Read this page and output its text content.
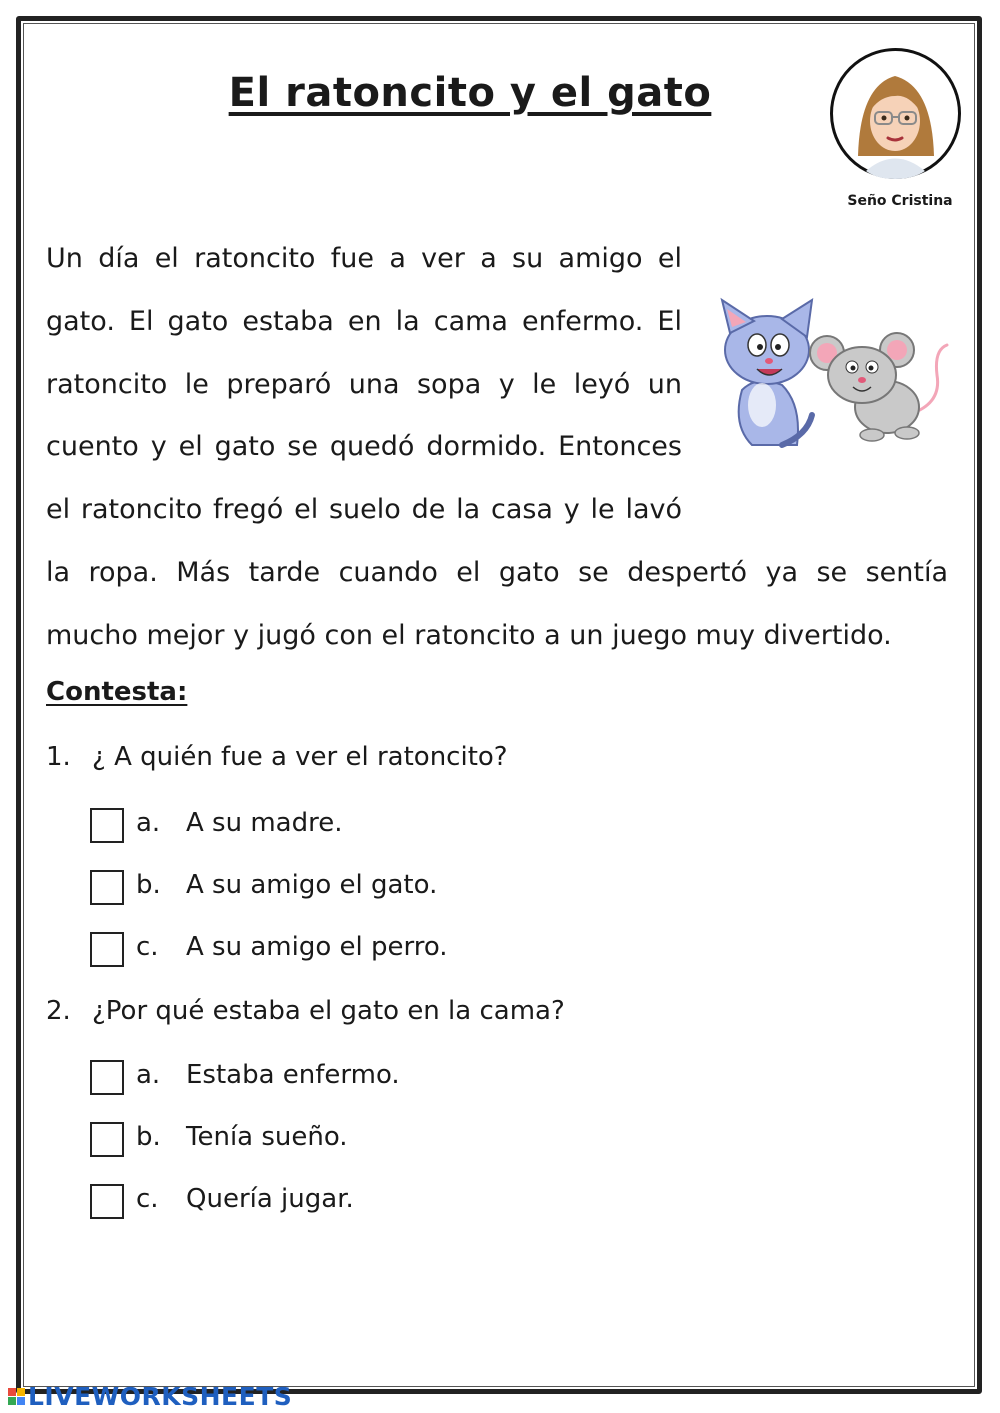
El ratoncito y el gato
Seño Cristina
Un día el ratoncito fue a ver a su amigo el
gato. El gato estaba en la cama enfermo. El
ratoncito le preparó una sopa y le leyó un
cuento y el gato se quedó dormido. Entonces
el ratoncito fregó el suelo de la casa y le lavó
la ropa. Más tarde cuando el gato se despertó ya se sentía
mucho mejor y jugó con el ratoncito a un juego muy divertido.
Contesta:
1. ¿ A quién fue a ver el ratoncito?
a. A su madre.
b. A su amigo el gato.
c. A su amigo el perro.
2. ¿Por qué estaba el gato en la cama?
a. Estaba enfermo.
b. Tenía sueño.
c. Quería jugar.
LIVEWORKSHEETS
